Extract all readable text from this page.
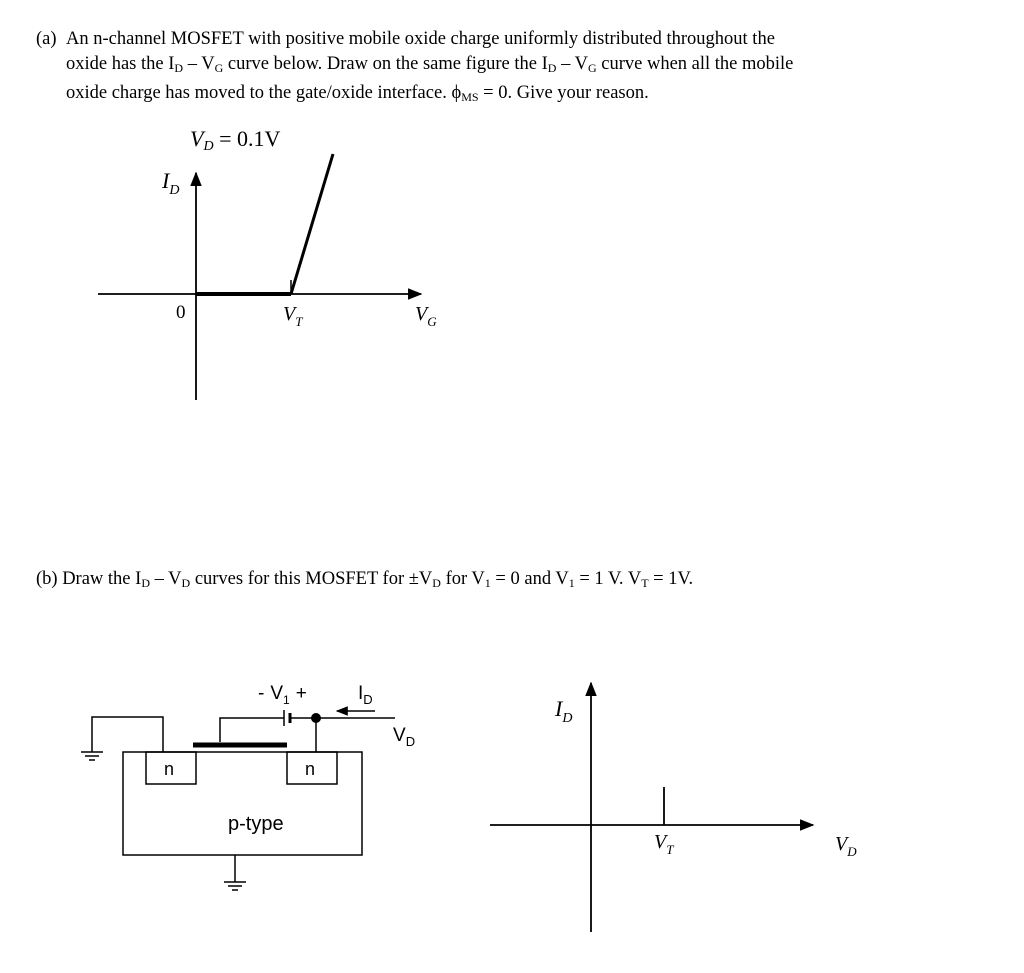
(a) An n-channel MOSFET with positive mobile oxide charge uniformly distributed throughout the
oxide has the $I_D - V_G$ curve below. Draw on the same figure the $I_D - V_G$ curve when all the mobile
oxide charge has moved to the gate/oxide interface. $\phi_{MS} = 0$. Give your reason.
(b) Draw the $I_D - V_D$ curves for this MOSFET for $\pm V_D$ for $V_1 = 0$ and $V_1 = 1$ V. $V_T = 1V$.
VD = 0.1V
$I_D$
0	$V_T$	$V_G$
n	n
p-type
- $V_1$ +	$I_D$
$V_D$
$I_D$
$V_T$	$V_D$
